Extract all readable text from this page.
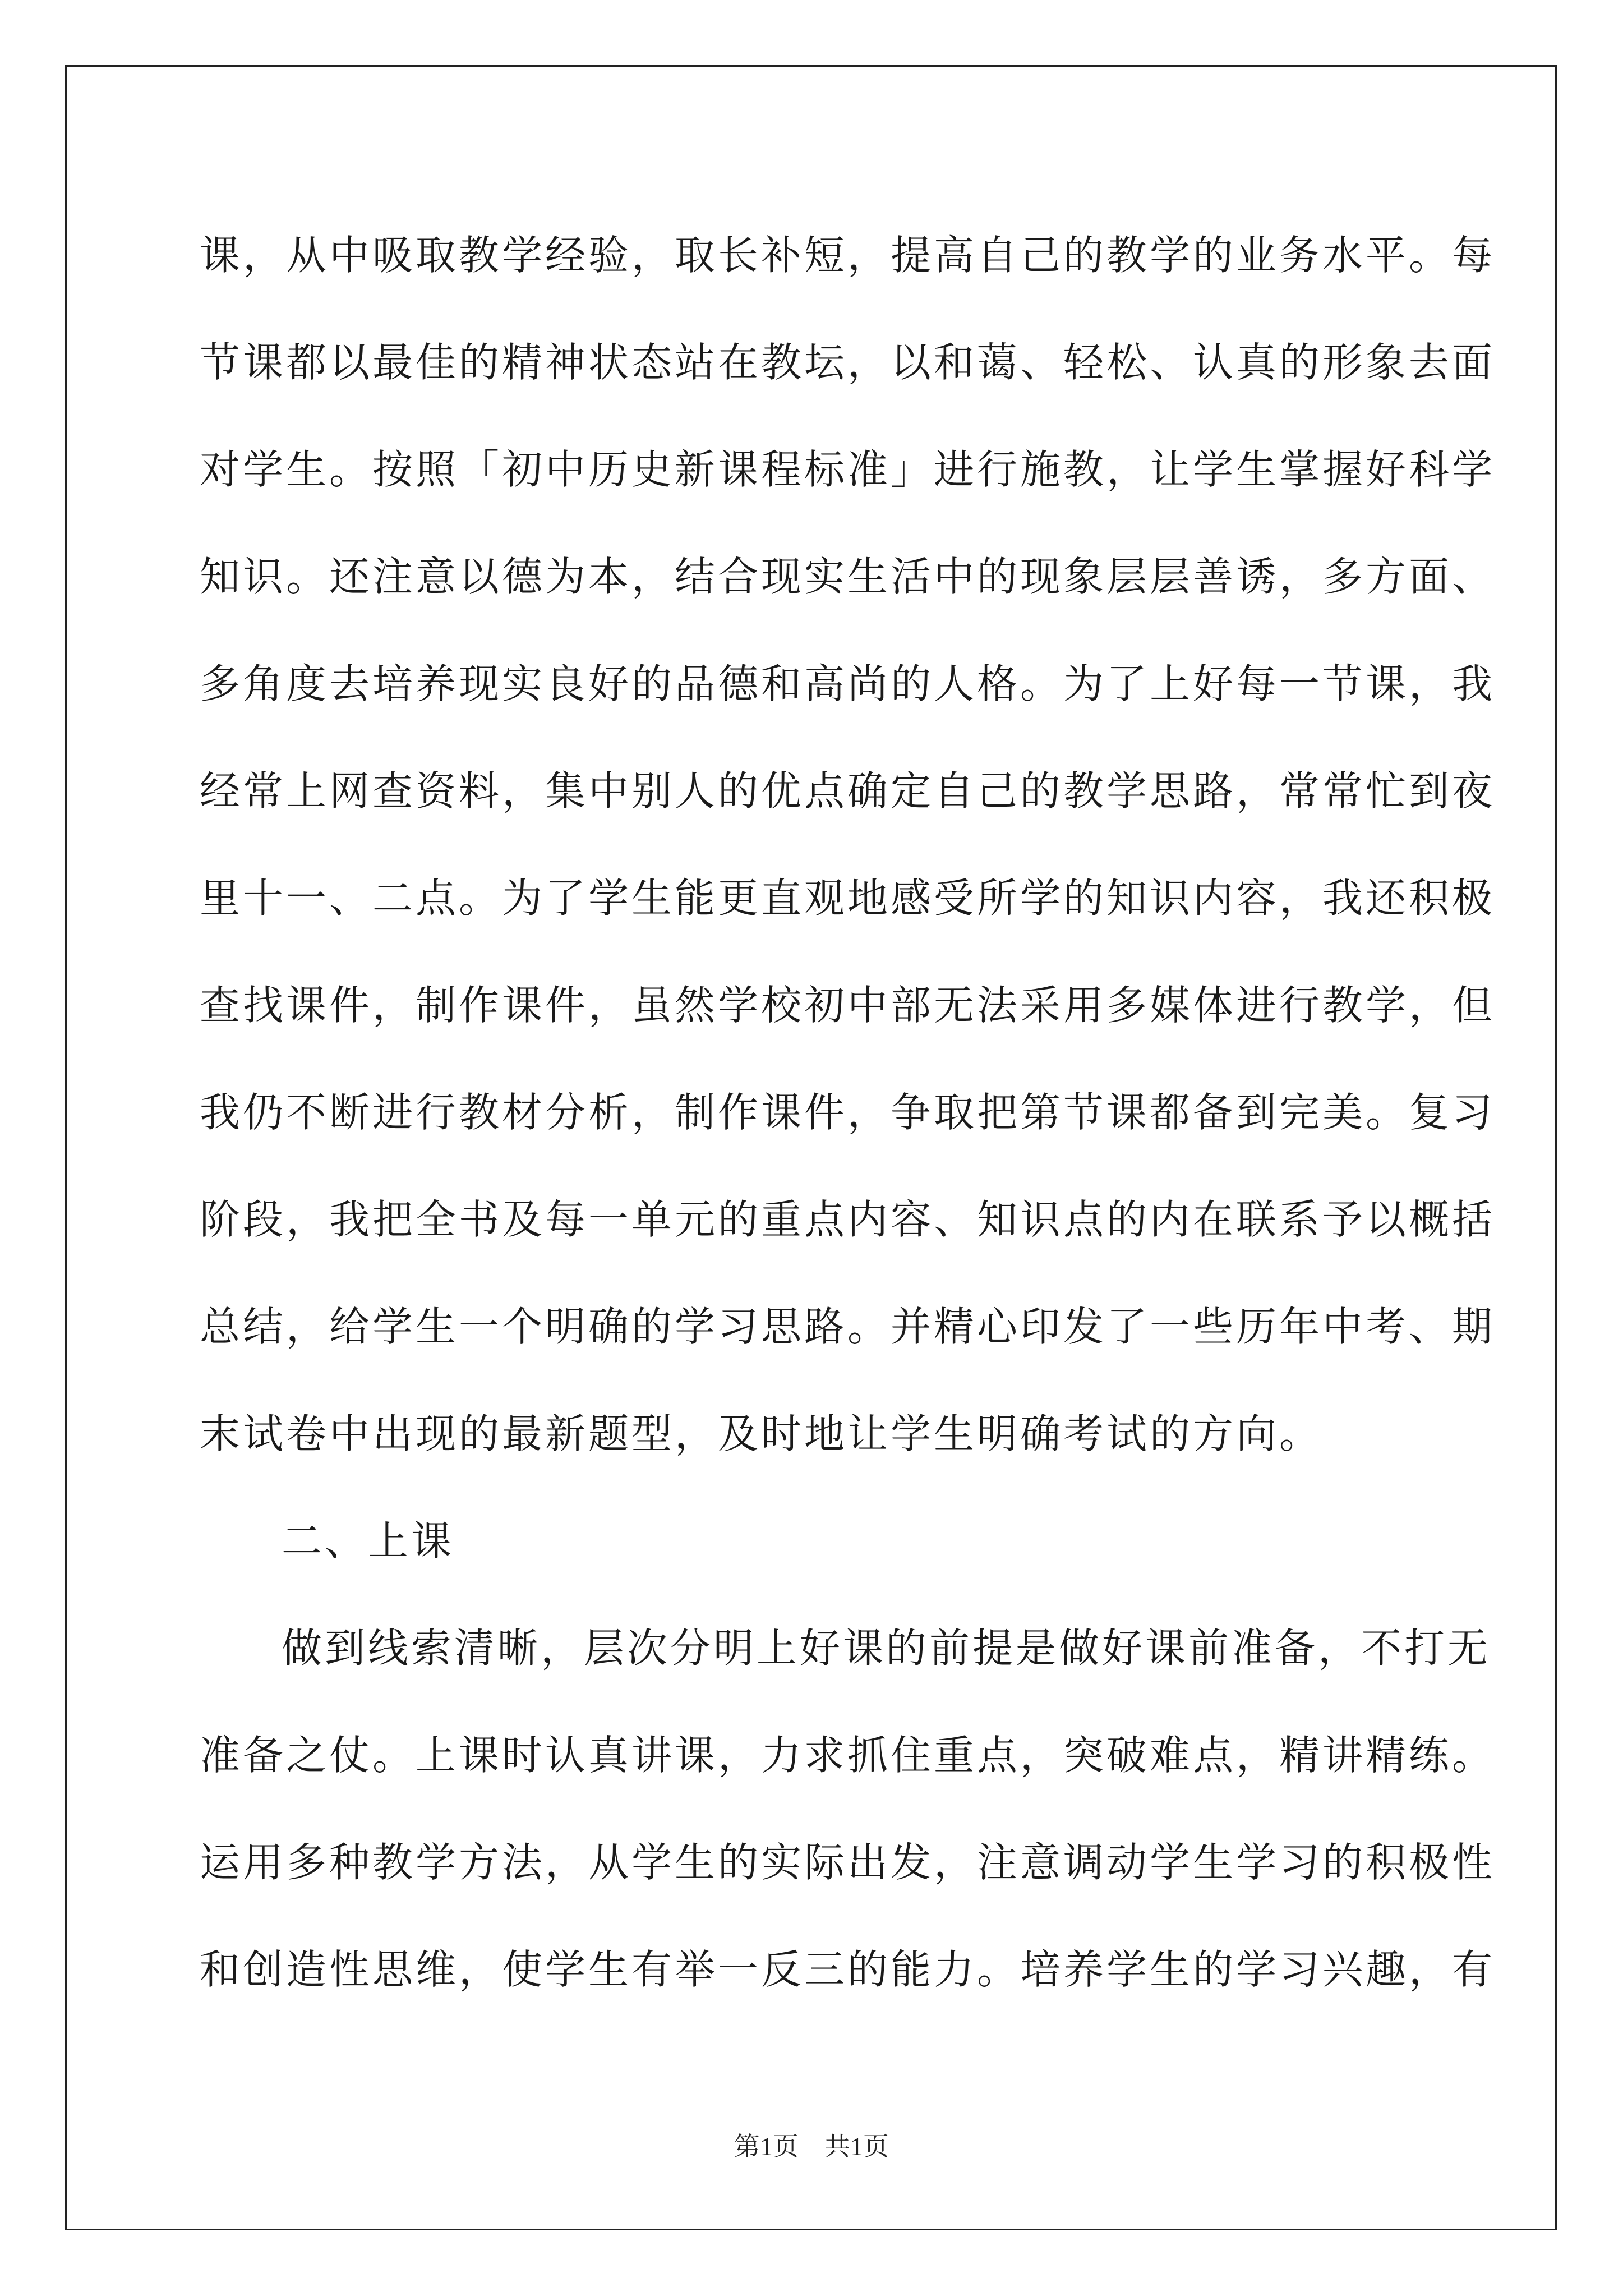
课，从中吸取教学经验，取长补短，提高自己的教学的业务水平。每
节课都以最佳的精神状态站在教坛，以和蔼、轻松、认真的形象去面
对学生。按照「初中历史新课程标准」进行施教，让学生掌握好科学
知识。还注意以德为本，结合现实生活中的现象层层善诱，多方面、
多角度去培养现实良好的品德和高尚的人格。为了上好每一节课，我
经常上网查资料，集中别人的优点确定自己的教学思路，常常忙到夜
里十一、二点。为了学生能更直观地感受所学的知识内容，我还积极
查找课件，制作课件，虽然学校初中部无法采用多媒体进行教学，但
我仍不断进行教材分析，制作课件，争取把第节课都备到完美。复习
阶段，我把全书及每一单元的重点内容、知识点的内在联系予以概括
总结，给学生一个明确的学习思路。并精心印发了一些历年中考、期
末试卷中出现的最新题型，及时地让学生明确考试的方向。
二、上课
做到线索清晰，层次分明上好课的前提是做好课前准备，不打无
准备之仗。上课时认真讲课，力求抓住重点，突破难点，精讲精练。
运用多种教学方法，从学生的实际出发，注意调动学生学习的积极性
和创造性思维，使学生有举一反三的能力。培养学生的学习兴趣，有
第1页　共1页
